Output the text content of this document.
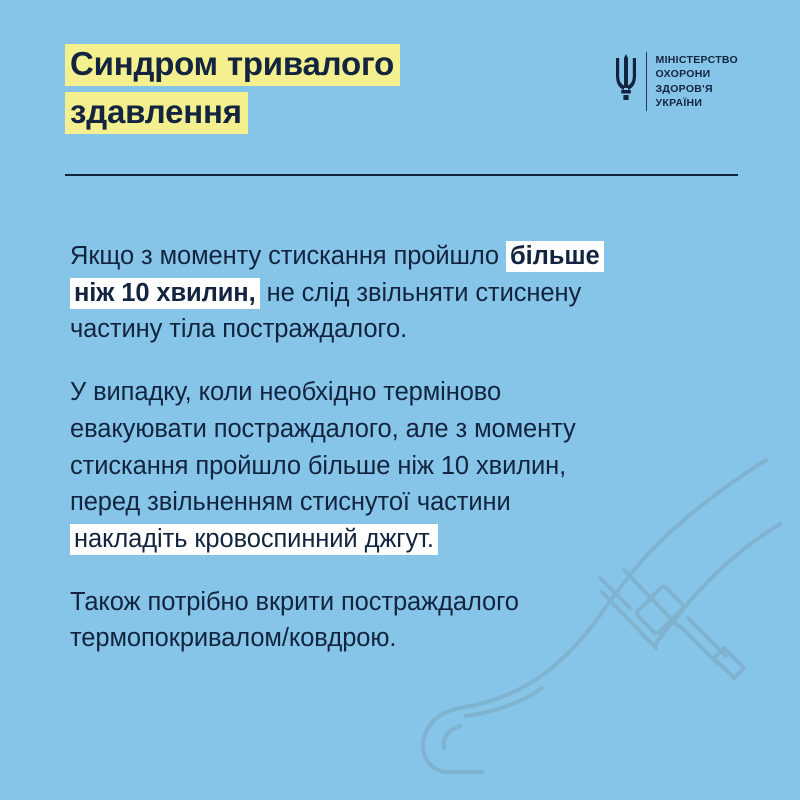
Синдром тривалого
здавлення
МІНІСТЕРСТВО
ОХОРОНИ
ЗДОРОВ'Я
УКРАЇНИ

Якщо з моменту стискання пройшло більше
ніж 10 хвилин, не слід звільняти стиснену
частину тіла постраждалого.

У випадку, коли необхідно терміново
евакуювати постраждалого, але з моменту
стискання пройшло більше ніж 10 хвилин,
перед звільненням стиснутої частини
накладіть кровоспинний джгут.

Також потрібно вкрити постраждалого
термопокривалом/ковдрою.
